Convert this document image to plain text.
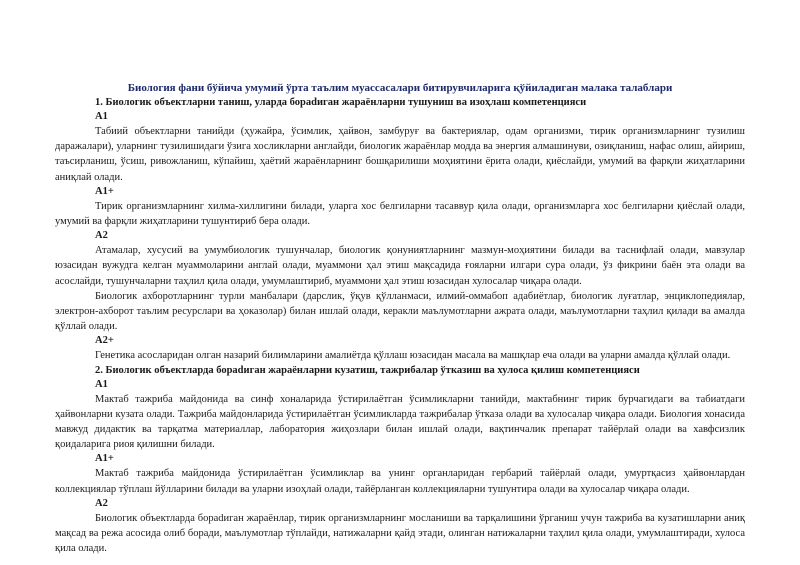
Биология фани бўйича умумий ўрта таълим муассасалари битирувчиларига қўйиладиган малака талаблари
1. Биологик объектларни таниш, уларда бораdиган жараёнларни тушуниш ва изоҳлаш компетенцияси
A1

Табиий объектларни танийди (ҳужайра, ўсимлик, ҳайвон, замбуруғ ва бактериялар, одам организми, тирик организмларнинг тузилиш даражалари), уларнинг тузилишидаги ўзига хосликларни англайди, биологик жараёнлар модда ва энергия алмашинуви, озиқланиш, нафас олиш, айириш, таъсирланиш, ўсиш, ривожланиш, кўпайиш, ҳаётий жараёнларнинг бошқарилиши моҳиятини ёритa олади, қиёслайди, умумий ва фарқли жиҳатларини аниқлай олади.

A1+

Тирик организмларнинг хилма-хиллигини билади, уларга хос белгиларни тасаввур қила олади, организмларга хос белгиларни қиёслай олади, умумий ва фарқли жиҳатларини тушунтириб бера олади.

A2

Атамалар, хусусий ва умумбиологик тушунчалар, биологик қонуниятларнинг мазмун-моҳиятини билади ва таснифлай олади, мавзулар юзасидан вужудга келган муаммоларини англай олади, муаммони ҳал этиш мақсадида ғояларни илгари сура олади, ўз фикрини баён эта олади ва асослайди, тушунчаларни таҳлил қила олади, умумлаштириб, муаммони ҳал этиш юзасидан хулосалар чиқара олади.

Биологик ахборотларнинг турли манбалари (дарслик, ўқув қўлланмаси, илмий-оммабоп адабиётлар, биологик луғатлар, энциклопедиялар, электрон-ахборот таълим ресурслари ва ҳоказолар) билан ишлай олади, керакли маълумотларни ажрата олади, маълумотларни таҳлил қилади ва амалда қўллай олади.

A2+

Генетика асосларидан олган назарий билимларини амалиётда қўллаш юзасидан масала ва машқлар еча олади ва уларни амалда қўллай олади.

2. Биологик объектларда бораdиган жараёнларни кузатиш, тажрибалар ўтказиш ва хулоса қилиш компетенцияси
A1

Мактаб тажриба майдонида ва синф хоналарида ўстирилаётган ўсимликларни танийди, мактабнинг тирик бурчагидаги ва табиатдаги ҳайвонларни кузата олади. Тажриба майдонларида ўстирилаётган ўсимликларда тажрибалар ўтказа олади ва хулосалар чиқара олади. Биология хонасида мавжуд дидактик ва тарқатма материаллар, лаборатория жиҳозлари билан ишлай олади, вақтинчалик препарат тайёрлай олади ва хавфсизлик қоидаларига риоя қилишни билади.

A1+

Мактаб тажриба майдонида ўстирилаётган ўсимликлар ва унинг органларидан гербарий тайёрлай олади, умуртқасиз ҳайвонлардан коллекциялар тўплаш йўлларини билади ва уларни изоҳлай олади, тайёрланган коллекцияларни тушунтира олади ва хулосалар чиқара олади.

A2

Биологик объектларда бораdиган жараёнлар, тирик организмларнинг мосланиши ва тарқалишини ўрганиш учун тажриба ва кузатишларни аниқ мақсад ва режа асосида олиб боради, маълумотлар тўплайди, натижаларни қайд этади, олинган натижаларни таҳлил қила олади, умумлаштиради, хулоса қила олади.
